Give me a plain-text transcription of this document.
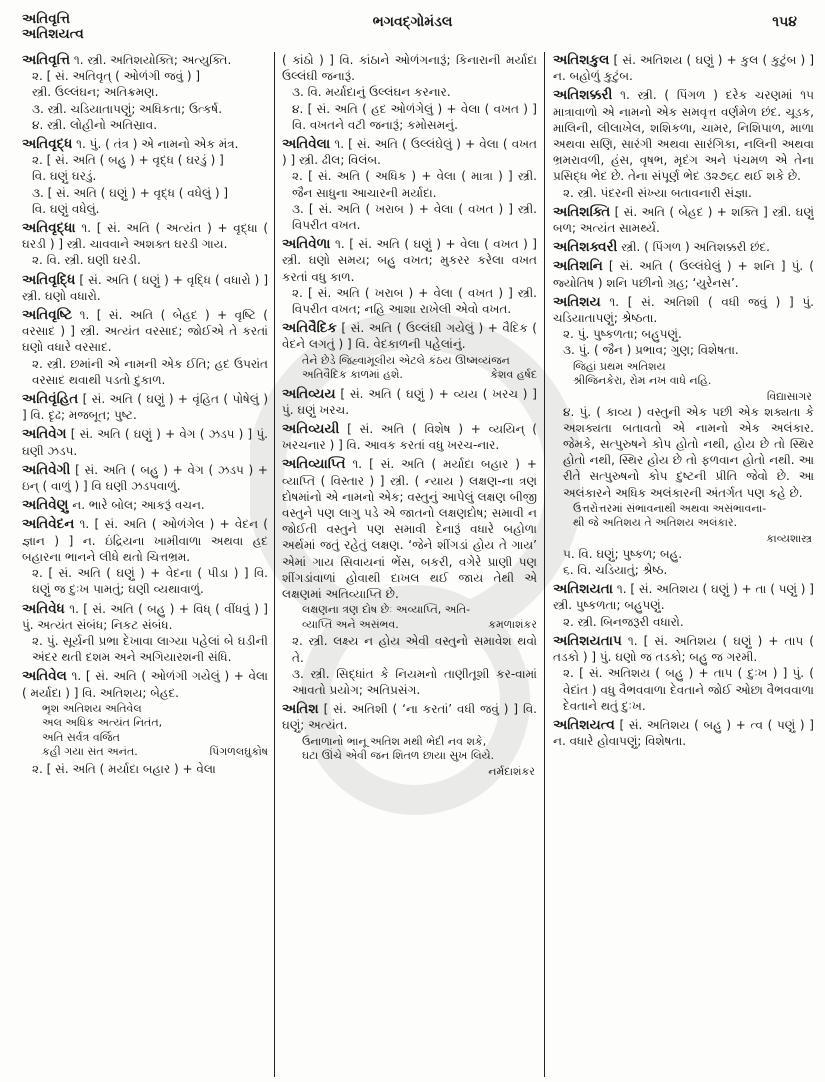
અતિવૃત્તિ
અતિશયત્વ
ભગવદ્ગોમંડલ	૧૫૪
અતિવૃત્તિ ૧. સ્ત્રી. અતિશયોક્તિ; અત્યુક્તિ.
૨. [ સં. અતિવૃત્ ( ઓળંગી જવું ) ]
સ્ત્રી. ઉલ્લંઘન; અતિક્રમણ.
૩. સ્ત્રી. ચડિયાતાપણું; અધિકતા; ઉત્કર્ષ.
૪. સ્ત્રી. લોહીનો અતિસ્રાવ.
અતિવૃદ્ધ ૧. પું. ( તંત્ર ) એ નામનો એક મંત્ર.
૨. [ સં. અતિ ( બહુ ) + વૃદ્ધ ( ઘરડું ) ]
વિ. ઘણું ઘરડું.
૩. [ સં. અતિ ( ઘણું ) + વૃદ્ધ ( વધેલું ) ]
વિ. ઘણું વધેલું.
અતિવૃદ્ધા ૧. [ સં. અતિ ( અત્યંત ) + વૃદ્ધા ( ઘરડી ) ] સ્ત્રી. ચાવવાને અશક્ત ઘરડી ગાય.
૨. વિ. સ્ત્રી. ઘણી ઘરડી.
અતિવૃદ્ધિ [ સં. અતિ ( ઘણું ) + વૃદ્ધિ ( વધારો ) ] સ્ત્રી. ઘણો વધારો.
અતિવૃષ્ટિ ૧. [ સં. અતિ ( બેહદ ) + વૃષ્ટિ ( વરસાદ ) ] સ્ત્રી. અત્યંત વરસાદ; જોઈએ તે કરતાં ઘણો વધારે વરસાદ.
૨. સ્ત્રી. છમાંની એ નામની એક ઈતિ; હદ ઉપરાંત વરસાદ થવાથી પડતો દુકાળ.
અતિવૃંહિત [ સં. અતિ ( ઘણું ) + વૃંહિત ( પોષેલું ) ] વિ. દૃઢ; મજબૂત; પુષ્ટ.
અતિવેગ [ સં. અતિ ( ઘણું ) + વેગ ( ઝડપ ) ] પું. ઘણી ઝડપ.
અતિવેગી [ સં. અતિ ( બહુ ) + વેગ ( ઝડપ ) + ઇન્ ( વાળું ) ] વિ ઘણી ઝડપવાળું.
અતિવેણુ ન. ભારે બોલ; આકરૂં વચન.
અતિવેદન ૧. [ સં. અતિ ( ઓળંગેલ ) + વેદન ( જ્ઞાન ) ] ન. ઇંદ્રિયના ખામીવાળા અથવા હદ બહારના ભાનને લીધે થતો ચિત્તભ્રમ.
૨. [ સં. અતિ ( ઘણું ) + વેદના ( પીડા ) ] વિ. ઘણું જ દુઃખ પામતું; ઘણી વ્યથાવાળું.
અતિવેધ ૧. [ સં. અતિ ( બહુ ) + વિધ્ ( વીંધવું ) ] પું. અત્યંત સંબંધ; નિકટ સંબંધ.
૨. પું. સૂર્યની પ્રભા દેખાવા લાગ્યા પહેલાં બે ઘડીની અંદર થતી દશમ અને અગિયારશની સંધિ.
અતિવેલ ૧. [ સં. અતિ ( ઓળંગી ગયેલું ) + વેલા ( મર્યાદા ) ] વિ. અતિશય; બેહદ.
ભૃશ અતિશય અતિવેલ
અલ અધિક અત્યંત નિતંત,
અતિ સર્વત્ર વર્જિત
કહી ગયા સંત અનંત.	પિંગળલઘુકોષ
૨. [ સં. અતિ ( મર્યાદા બહાર ) + વેલા
( કાંઠો ) ] વિ. કાંઠાને ઓળંગનારૂં; કિનારાની મર્યાદા ઉલ્લંઘી જનારૂં.
૩. વિ. મર્યાદાનું ઉલ્લંઘન કરનાર.
૪. [ સં. અતિ ( હદ ઓળંગેલું ) + વેલા ( વખત ) ] વિ. વખતને વટી જનારૂં; કમોસમનું.
અતિવેલા ૧. [ સં. અતિ ( ઉલ્લંઘેલું ) + વેલા ( વખત ) ] સ્ત્રી. ઢીલ; વિલંબ.
૨. [ સં. અતિ ( અધિક ) + વેલા ( માત્રા ) ] સ્ત્રી. જૈન સાધુના આચારની મર્યાદા.
૩. [ સં. અતિ ( ખરાબ ) + વેલા ( વખત ) ] સ્ત્રી. વિપરીત વખત.
અતિવેળા ૧. [ સં. અતિ ( ઘણું ) + વેલા ( વખત ) ] સ્ત્રી. ઘણો સમય; બહુ વખત; મુકરર કરેલા વખત કરતાં વધુ કાળ.
૨. [ સં. અતિ ( ખરાબ ) + વેલા ( વખત ) ] સ્ત્રી. વિપરીત વખત; નહિ આશા રાખેલી એવો વખત.
અતિવૈદિક [ સં. અતિ ( ઉલ્લંઘી ગયેલું ) + વૈદિક ( વેદને લગતું ) ] વિ. વેદકાળની પહેલાંનું.
તેને છેડે જિહ્વામૂલીય એટલે કંઠય ઊષ્મવ્યંજન
અતિવૈદિક કાળમાં હશે.	કેશવ હર્ષદ
અતિવ્યય [ સં. અતિ ( ઘણું ) + વ્યય ( ખરચ ) ] પું. ઘણું ખરચ.
અતિવ્યયી [ સં. અતિ ( વિશેષ ) + વ્યયિન્ ( ખરચનાર ) ] વિ. આવક કરતાં વધુ ખરચ-નાર.
અતિવ્યાપ્તિ ૧. [ સં. અતિ ( મર્યાદા બહાર ) + વ્યાપ્તિ ( વિસ્તાર ) ] સ્ત્રી. ( ન્યાય ) લક્ષણ-ના ત્રણ દોષમાંનો એ નામનો એક; વસ્તુનું આપેલું લક્ષણ બીજી વસ્તુને પણ લાગુ પડે એ જાતનો લક્ષણદોષ; સમાવી ન જોઈતી વસ્તુને પણ સમાવી દેનારૂં વધારે બહોળા અર્થમાં જતું રહેતું લક્ષણ. ‘જેને શીંગડાં હોય તે ગાય’ એમાં ગાય સિવાયનાં ભેંસ, બકરી, વગેરે પ્રાણી પણ શીંગડાંવાળાં હોવાથી દાખલ થઈ જાય તેથી એ લક્ષણમાં અતિવ્યાપ્તિ છે.
લક્ષણના ત્રણ દોષ છેઃ અવ્યાપ્તિ, અતિ-
વ્યાપ્તિ અને અસંભવ.	કમળાશંકર
૨. સ્ત્રી. લક્ષ્ય ન હોય એવી વસ્તુનો સમાવેશ થવો તે.
૩. સ્ત્રી. સિદ્ધાંત કે નિયમનો તાણીતૂશી કર-વામાં આવતો પ્રયોગ; અતિપ્રસંગ.
અતિશ [ સં. અતિશી ( ‘ના કરતાં’ વધી જવું ) ] વિ. ઘણું; અત્યંત.
ઉનાળાનો ભાનૂ અતિશ મથી ભેદી નવ શકે,
ઘટા ઊંચે એવી જન શિતળ છાયા સુખ લિયે.
નર્મદાશંકર
અતિશકુલ [ સં. અતિશય ( ઘણું ) + કુલ ( કુટુંબ ) ] ન. બહોળું કુટુંબ.
અતિશક્કરી ૧. સ્ત્રી. ( પિંગળ ) દરેક ચરણમાં ૧૫ માત્રાવાળો એ નામનો એક સમવૃત્ત વર્ણમેળ છંદ. ચૂડક, માલિની, લીલાખેલ, શશિકળા, ચામર, નિશિપાળ, માળા અથવા સણિ, સારંગી અથવા સારંગિકા, નલિની અથવા ભ્રમરાવળી, હંસ, વૃષભ, મૃદંગ અને પંચમળ એ તેના પ્રસિદ્ધ ભેદ છે. તેના સંપૂર્ણ ભેદ ૩૨૭૬૮ થઈ શકે છે.
૨. સ્ત્રી. પંદરની સંખ્યા બતાવનારી સંજ્ઞા.
અતિશક્તિ [ સં. અતિ ( બેહદ ) + શક્તિ ] સ્ત્રી. ઘણું બળ; અત્યંત સામર્થ્ય.
અતિશક્વરી સ્ત્રી. ( પિંગળ ) અતિશક્કરી છંદ.
અતિશનિ [ સં. અતિ ( ઉલ્લંઘેલું ) + શનિ ] પું. ( જ્યોતિષ ) શનિ પછીનો ગ્રહ; ‘યુરેનસ’.
અતિશય ૧. [ સં. અતિશી ( વધી જવું ) ] પું. ચડિયાતાપણું; શ્રેષ્ઠતા.
૨. પું. પુષ્કળતા; બહુપણું.
૩. પું. ( જૈન ) પ્રભાવ; ગુણ; વિશેષતા.
જિહાં પ્રથમ અતિશય
શ્રીજિનકેરા, રોમ નખ વાધે નહિ.
વિદ્યાસાગર
૪. પું. ( કાવ્ય ) વસ્તુની એક પછી એક શક્યતા કે અશક્યતા બતાવતો એ નામનો એક અલંકાર. જેમકે, સત્પુરુષને કોપ હોતો નથી, હોય છે તો સ્થિર હોતો નથી, સ્થિર હોય છે તો ફળવાન હોતો નથી. આ રીતે સત્પુરુષનો કોપ દુષ્ટની પ્રીતિ જેવો છે. આ અલંકારને અધિક અલંકારની અંતર્ગત પણ કહે છે.
ઉત્તરોત્તરમાં સંભાવનાથી અથવા અસંભાવના-
થી જે અતિશય તે અતિશય અલંકાર.
કાવ્યશાસ્ત્ર
૫. વિ. ઘણું; પુષ્કળ; બહુ.
૬. વિ. ચડિયાતું; શ્રેષ્ઠ.
અતિશયતા ૧. [ સં. અતિશય ( ઘણું ) + તા ( પણું ) ] સ્ત્રી. પુષ્કળતા; બહુપણું.
૨. સ્ત્રી. બિનજરૂરી વધારો.
અતિશયતાપ ૧. [ સં. અતિશય ( ઘણું ) + તાપ ( તડકો ) ] પું. ઘણો જ તડકો; બહુ જ ગરમી.
૨. [ સં. અતિશય ( બહુ ) + તાપ ( દુઃખ ) ] પું. ( વેદાંત ) વધુ વૈભવવાળા દેવતાને જોઈ ઓછા વૈભવવાળા દેવતાને થતું દુઃખ.
અતિશયત્વ [ સં. અતિશય ( બહુ ) + ત્વ ( પણું ) ] ન. વધારે હોવાપણું; વિશેષતા.
